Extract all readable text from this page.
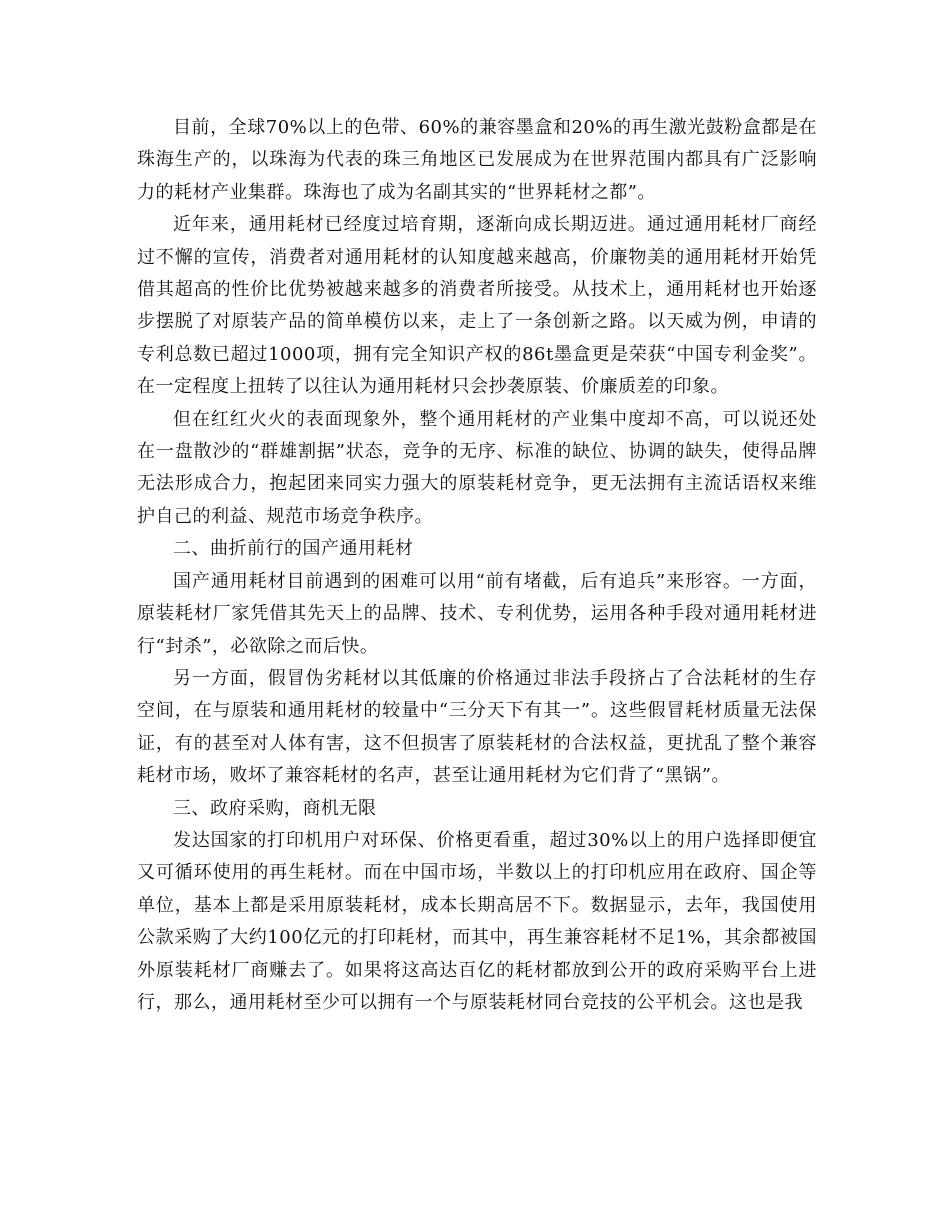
目前，全球70%以上的色带、60%的兼容墨盒和20%的再生激光鼓粉盒都是在珠海生产的，以珠海为代表的珠三角地区已发展成为在世界范围内都具有广泛影响力的耗材产业集群。珠海也了成为名副其实的“世界耗材之都”。

近年来，通用耗材已经度过培育期，逐渐向成长期迈进。通过通用耗材厂商经过不懈的宣传，消费者对通用耗材的认知度越来越高，价廉物美的通用耗材开始凭借其超高的性价比优势被越来越多的消费者所接受。从技术上，通用耗材也开始逐步摆脱了对原装产品的简单模仿以来，走上了一条创新之路。以天威为例，申请的专利总数已超过1000项，拥有完全知识产权的86t墨盒更是荣获“中国专利金奖”。在一定程度上扭转了以往认为通用耗材只会抄袭原装、价廉质差的印象。

但在红红火火的表面现象外，整个通用耗材的产业集中度却不高，可以说还处在一盘散沙的“群雄割据”状态，竞争的无序、标准的缺位、协调的缺失，使得品牌无法形成合力，抱起团来同实力强大的原装耗材竞争，更无法拥有主流话语权来维护自己的利益、规范市场竞争秩序。

二、曲折前行的国产通用耗材

国产通用耗材目前遇到的困难可以用“前有堵截，后有追兵”来形容。一方面，原装耗材厂家凭借其先天上的品牌、技术、专利优势，运用各种手段对通用耗材进行“封杀”，必欲除之而后快。

另一方面，假冒伪劣耗材以其低廉的价格通过非法手段挤占了合法耗材的生存空间，在与原装和通用耗材的较量中“三分天下有其一”。这些假冒耗材质量无法保证，有的甚至对人体有害，这不但损害了原装耗材的合法权益，更扰乱了整个兼容耗材市场，败坏了兼容耗材的名声，甚至让通用耗材为它们背了“黑锅”。

三、政府采购，商机无限

发达国家的打印机用户对环保、价格更看重，超过30%以上的用户选择即便宜又可循环使用的再生耗材。而在中国市场，半数以上的打印机应用在政府、国企等单位，基本上都是采用原装耗材，成本长期高居不下。数据显示，去年，我国使用公款采购了大约100亿元的打印耗材，而其中，再生兼容耗材不足1%，其余都被国外原装耗材厂商赚去了。如果将这高达百亿的耗材都放到公开的政府采购平台上进行，那么，通用耗材至少可以拥有一个与原装耗材同台竞技的公平机会。这也是我
